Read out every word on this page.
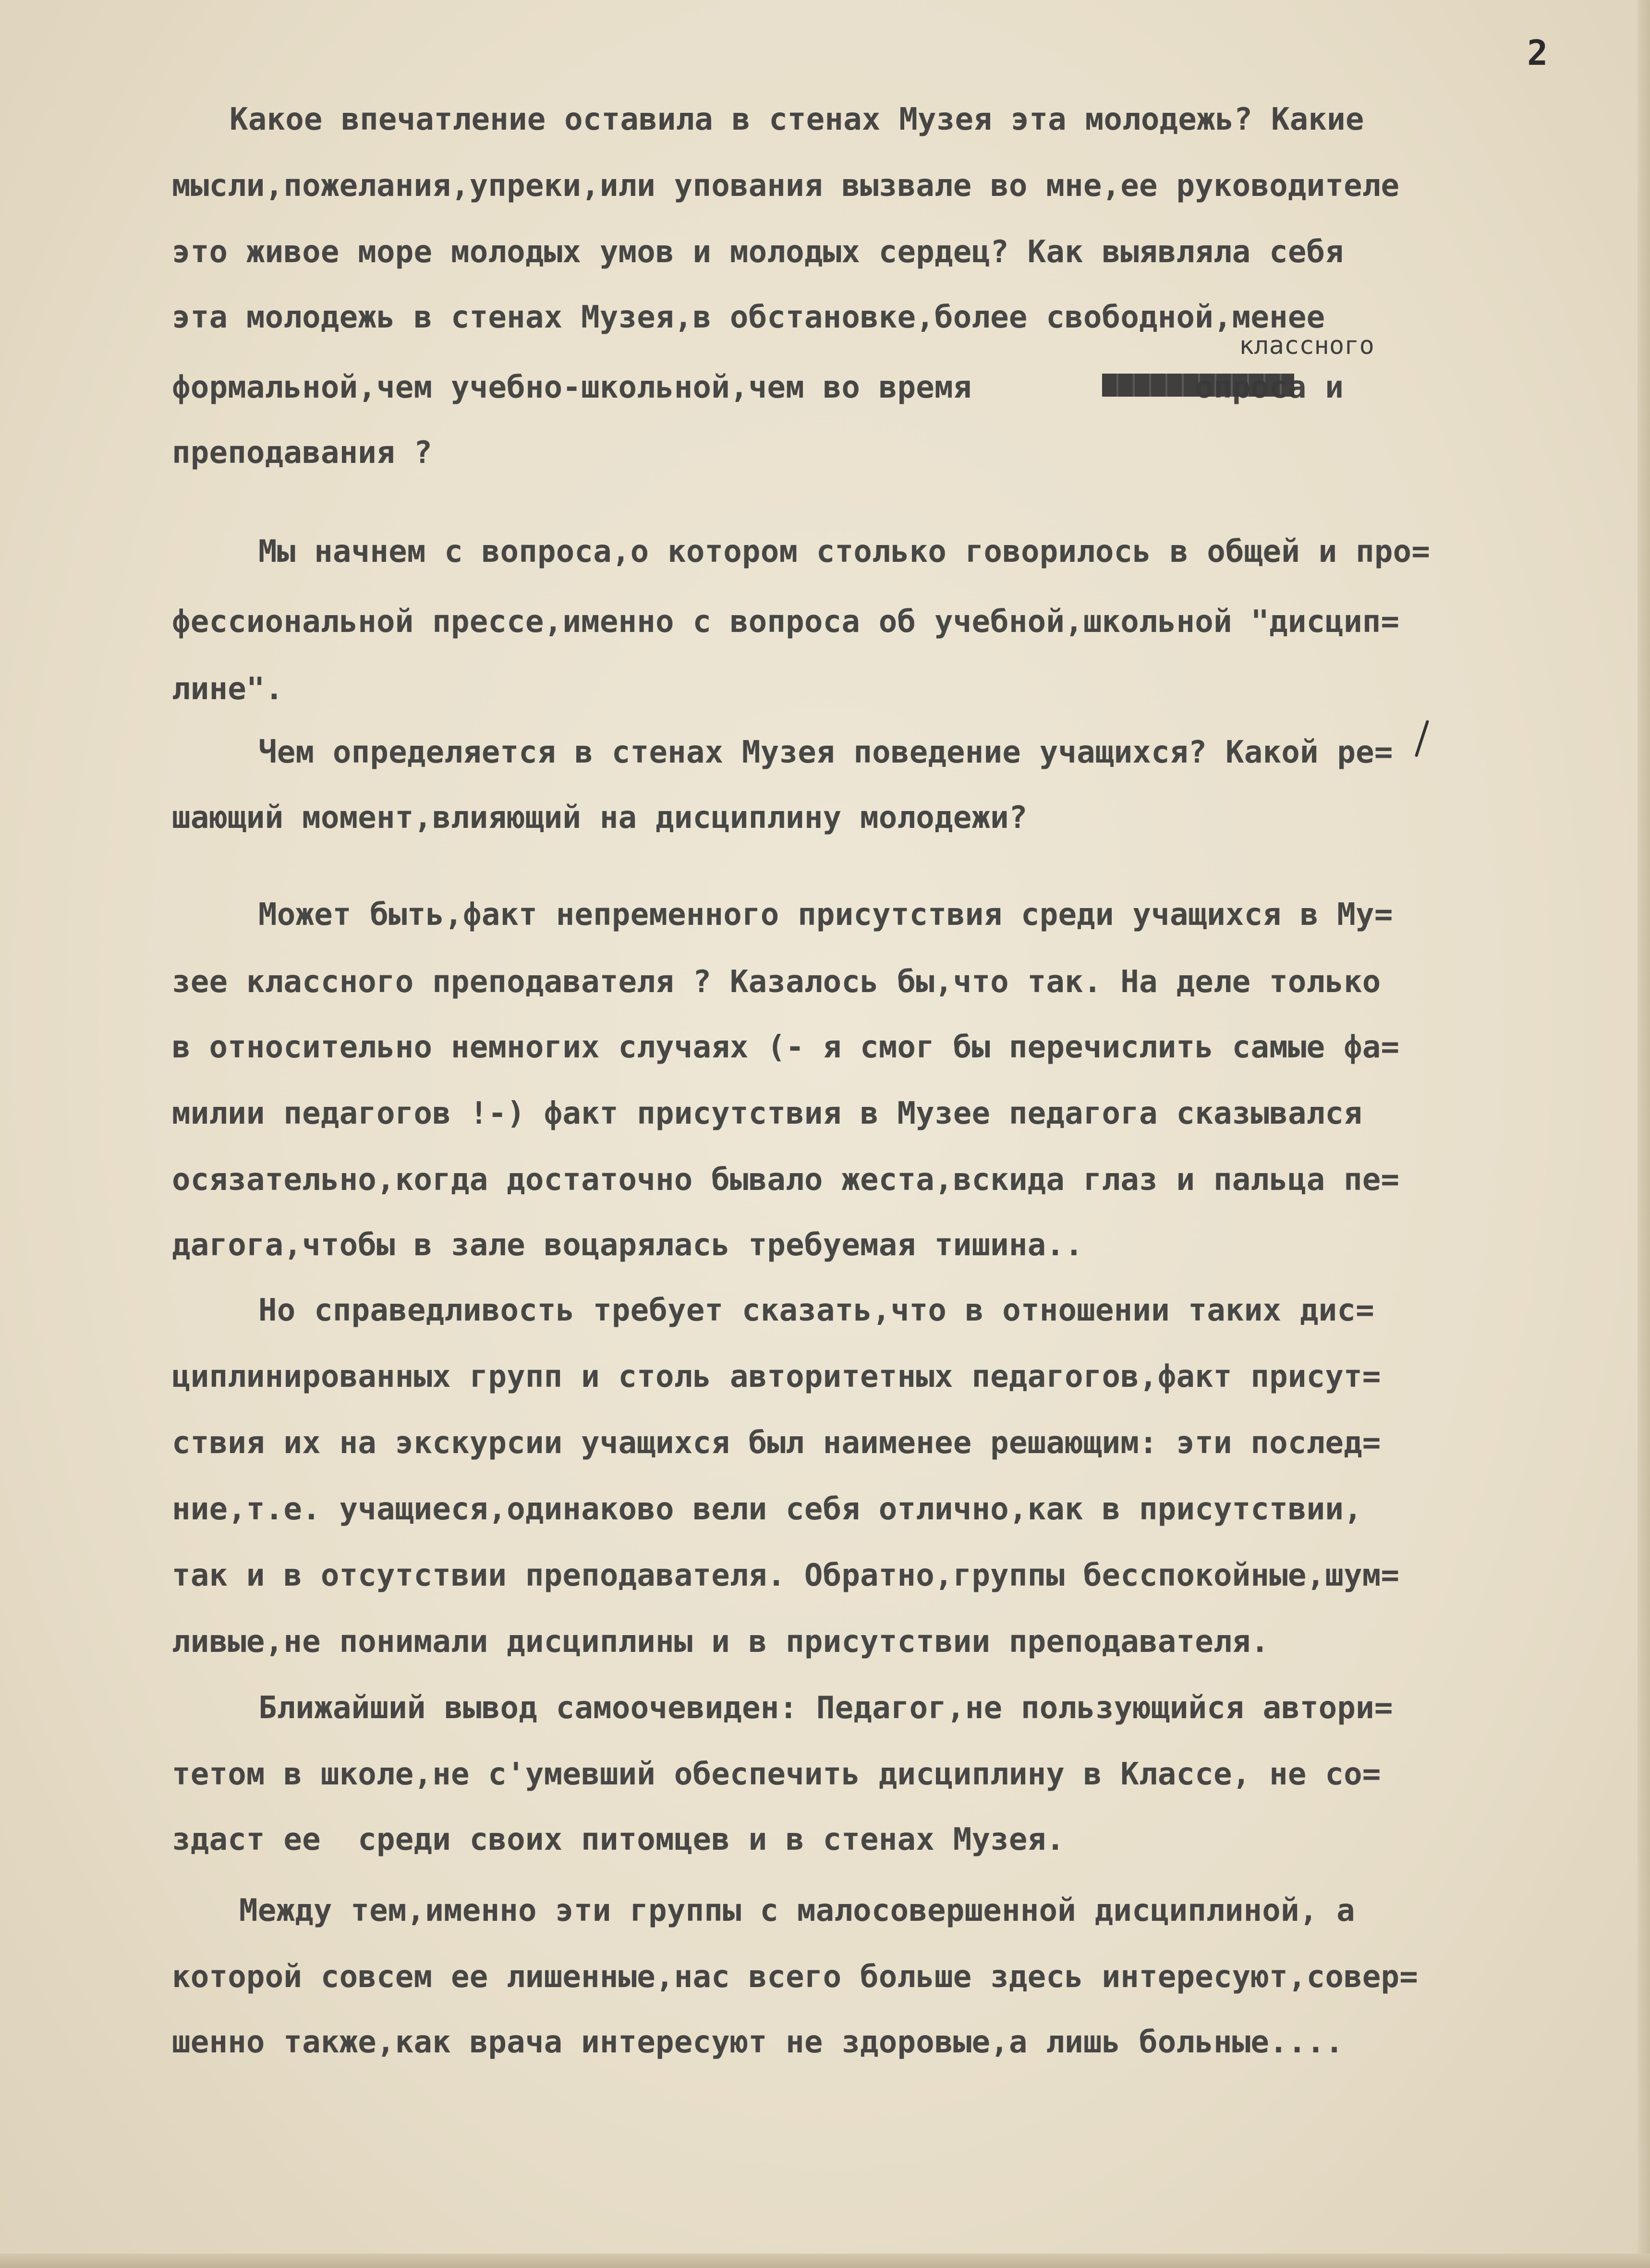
2
классного
Какое впечатление оставила в стенах Музея эта молодежь? Какие
мысли,пожелания,упреки,или упования вызвале во мне,ее руководителе
это живое море молодых умов и молодых сердец? Как выявляла себя
эта молодежь в стенах Музея,в обстановке,более свободной,менее
формальной,чем учебно-школьной,чем во время            опроса и
преподавания ?
Мы начнем с вопроса,о котором столько говорилось в общей и про=
фессиональной прессе,именно с вопроса об учебной,школьной "дисцип=
лине".
Чем определяется в стенах Музея поведение учащихся? Какой ре=
шающий момент,влияющий на дисциплину молодежи?
Может быть,факт непременного присутствия среди учащихся в Му=
зее классного преподавателя ? Казалось бы,что так. На деле только
в относительно немногих случаях (- я смог бы перечислить самые фа=
милии педагогов !-) факт присутствия в Музее педагога сказывался
осязательно,когда достаточно бывало жеста,вскида глаз и пальца пе=
дагога,чтобы в зале воцарялась требуемая тишина..
Но справедливость требует сказать,что в отношении таких дис=
циплинированных групп и столь авторитетных педагогов,факт присут=
ствия их на экскурсии учащихся был наименее решающим: эти послед=
ние,т.е. учащиеся,одинаково вели себя отлично,как в присутствии,
так и в отсутствии преподавателя. Обратно,группы бесспокойные,шум=
ливые,не понимали дисциплины и в присутствии преподавателя.
Ближайший вывод самоочевиден: Педагог,не пользующийся автори=
тетом в школе,не с'умевший обеспечить дисциплину в Классе, не со=
здаст ее  среди своих питомцев и в стенах Музея.
Между тем,именно эти группы с малосовершенной дисциплиной, а
которой совсем ее лишенные,нас всего больше здесь интересуют,совер=
шенно также,как врача интересуют не здоровые,а лишь больные....
